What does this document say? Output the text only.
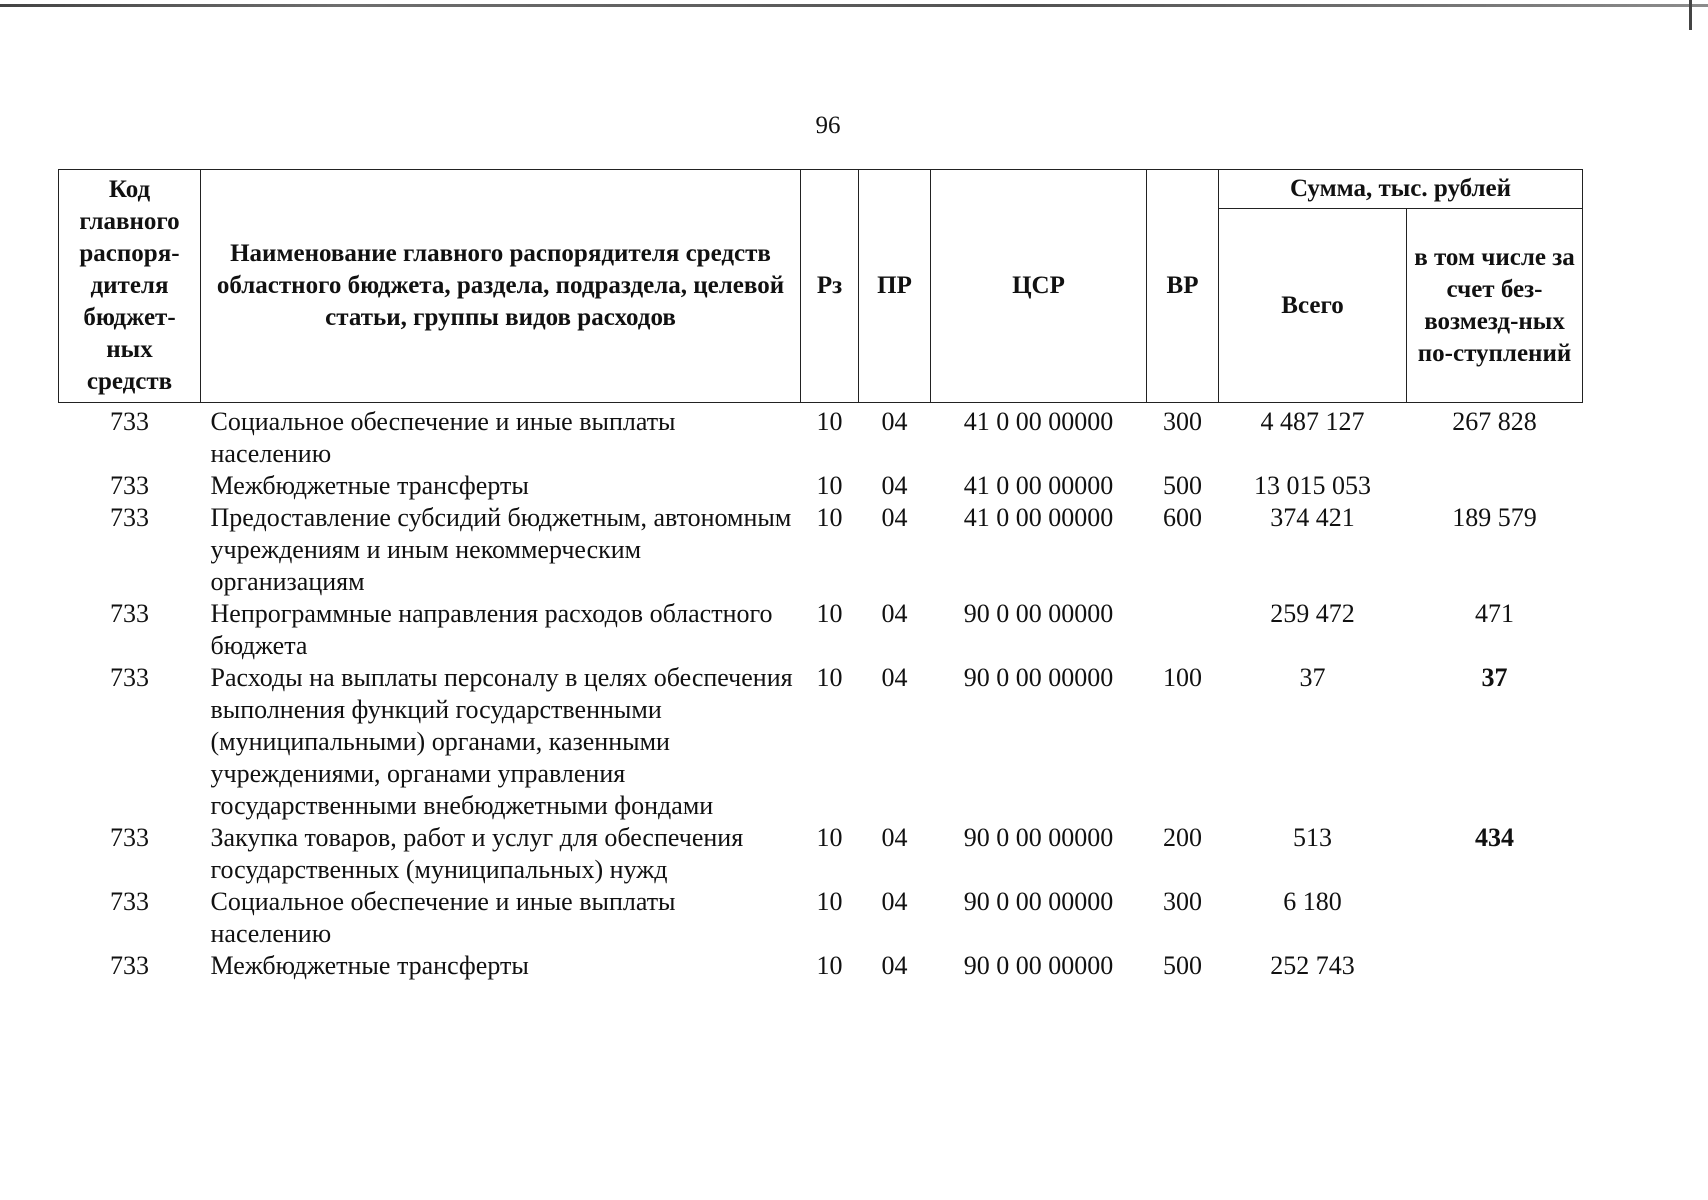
96
Код главного распоря-дителя бюджет-ных средств	Наименование главного распорядителя средств областного бюджета, раздела, подраздела, целевой статьи, группы видов расходов	Рз	ПР	ЦСР	ВР	Сумма, тыс. рублей	
						Всего	в том числе за счет без-возмезд-ных по-ступлений
733	Социальное обеспечение и иные выплаты населению	10	04	41 0 00 00000	300	4 487 127	267 828
733	Межбюджетные трансферты	10	04	41 0 00 00000	500	13 015 053	
733	Предоставление субсидий бюджетным, автономным учреждениям и иным некоммерческим организациям	10	04	41 0 00 00000	600	374 421	189 579
733	Непрограммные направления расходов областного бюджета	10	04	90 0 00 00000		259 472	471
733	Расходы на выплаты персоналу в целях обеспечения выполнения функций государственными (муниципальными) органами, казенными учреждениями, органами управления государственными внебюджетными фондами	10	04	90 0 00 00000	100	37	37
733	Закупка товаров, работ и услуг для обеспечения государственных (муниципальных) нужд	10	04	90 0 00 00000	200	513	434
733	Социальное обеспечение и иные выплаты населению	10	04	90 0 00 00000	300	6 180	
733	Межбюджетные трансферты	10	04	90 0 00 00000	500	252 743	
